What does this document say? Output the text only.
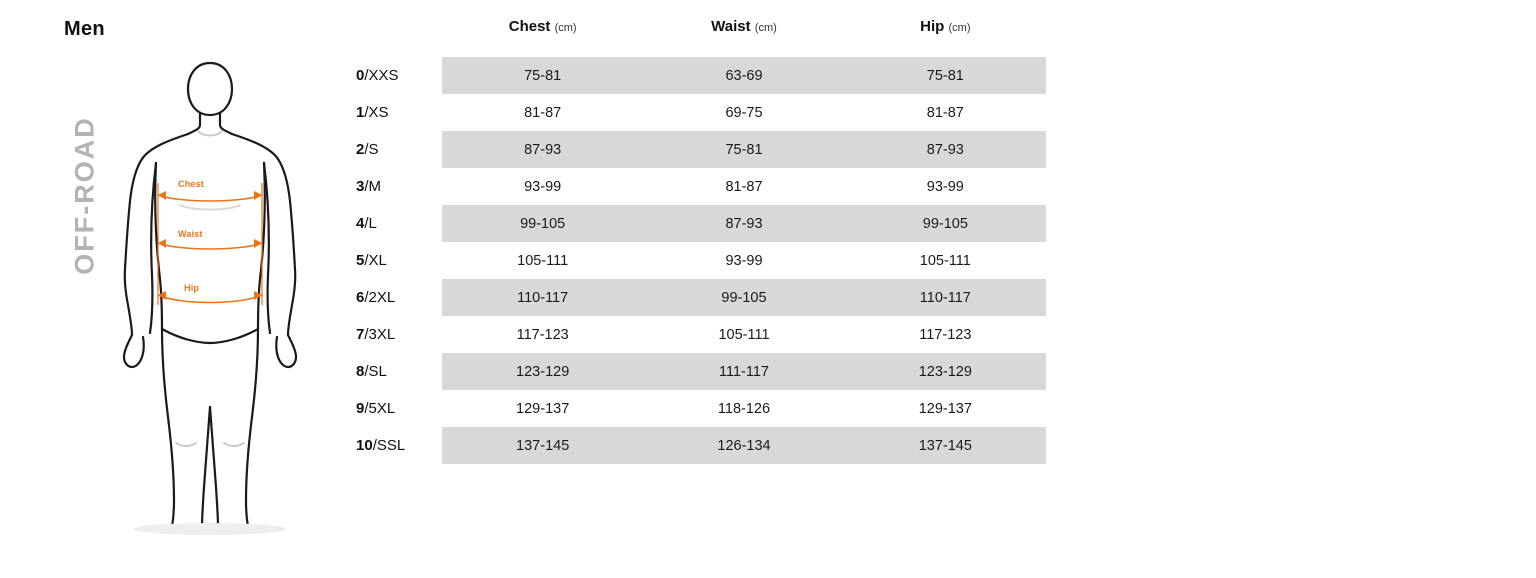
Men
OFF-ROAD	Chest
Waist
Hip
	Chest (cm)	Waist (cm)	Hip (cm)
0/XXS	75-81	63-69	75-81
1/XS	81-87	69-75	81-87
2/S	87-93	75-81	87-93
3/M	93-99	81-87	93-99
4/L	99-105	87-93	99-105
5/XL	105-111	93-99	105-111
6/2XL	110-117	99-105	110-117
7/3XL	117-123	105-111	117-123
8/SL	123-129	111-117	123-129
9/5XL	129-137	118-126	129-137
10/SSL	137-145	126-134	137-145
